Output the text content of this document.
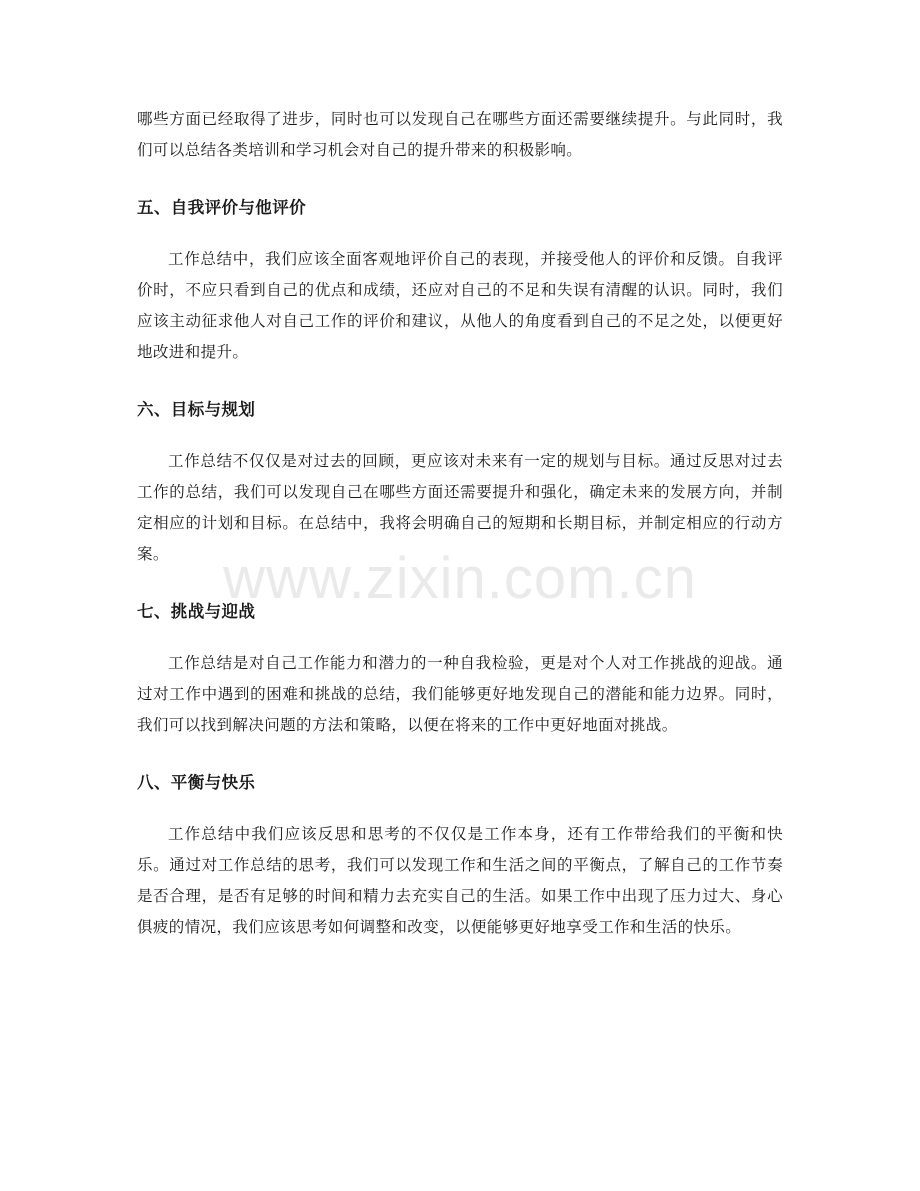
哪些方面已经取得了进步，同时也可以发现自己在哪些方面还需要继续提升。与此同时，我们可以总结各类培训和学习机会对自己的提升带来的积极影响。

五、自我评价与他评价

工作总结中，我们应该全面客观地评价自己的表现，并接受他人的评价和反馈。自我评价时，不应只看到自己的优点和成绩，还应对自己的不足和失误有清醒的认识。同时，我们应该主动征求他人对自己工作的评价和建议，从他人的角度看到自己的不足之处，以便更好地改进和提升。

六、目标与规划

工作总结不仅仅是对过去的回顾，更应该对未来有一定的规划与目标。通过反思对过去工作的总结，我们可以发现自己在哪些方面还需要提升和强化，确定未来的发展方向，并制定相应的计划和目标。在总结中，我将会明确自己的短期和长期目标，并制定相应的行动方案。

七、挑战与迎战

工作总结是对自己工作能力和潜力的一种自我检验，更是对个人对工作挑战的迎战。通过对工作中遇到的困难和挑战的总结，我们能够更好地发现自己的潜能和能力边界。同时，我们可以找到解决问题的方法和策略，以便在将来的工作中更好地面对挑战。

八、平衡与快乐

工作总结中我们应该反思和思考的不仅仅是工作本身，还有工作带给我们的平衡和快乐。通过对工作总结的思考，我们可以发现工作和生活之间的平衡点，了解自己的工作节奏是否合理，是否有足够的时间和精力去充实自己的生活。如果工作中出现了压力过大、身心俱疲的情况，我们应该思考如何调整和改变，以便能够更好地享受工作和生活的快乐。

www.zixin.com.cn
